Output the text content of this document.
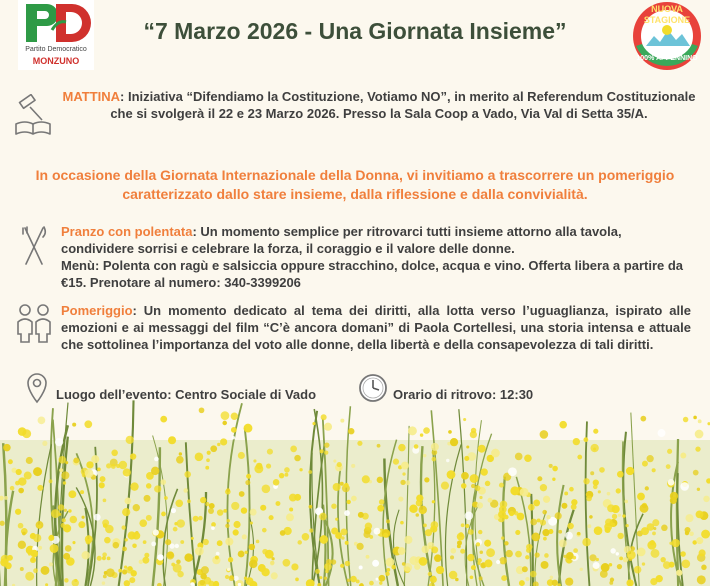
Partito Democratico
MONZUNO
“7 Marzo 2026 - Una Giornata Insieme”
NUOVA
STAGIONE
100% APPENNINO
MATTINA: Iniziativa “Difendiamo la Costituzione, Votiamo NO”, in merito al Referendum Costituzionale che si svolgerà il 22 e 23 Marzo 2026. Presso la Sala Coop a Vado, Via Val di Setta 35/A.
In occasione della Giornata Internazionale della Donna, vi invitiamo a trascorrere un pomeriggio caratterizzato dallo stare insieme, dalla riflessione e dalla convivialità.
Pranzo con polentata: Un momento semplice per ritrovarci tutti insieme attorno alla tavola, condividere sorrisi e celebrare la forza, il coraggio e il valore delle donne.
Menù: Polenta con ragù e salsiccia oppure stracchino, dolce, acqua e vino. Offerta libera a partire da €15. Prenotare al numero: 340-3399206
Pomeriggio: Un momento dedicato al tema dei diritti, alla lotta verso l’uguaglianza, ispirato alle emozioni e ai messaggi del film “C’è ancora domani” di Paola Cortellesi, una storia intensa e attuale che sottolinea l’importanza del voto alle donne, della libertà e della consapevolezza di tali diritti.
Luogo dell’evento: Centro Sociale di Vado	Orario di ritrovo: 12:30
